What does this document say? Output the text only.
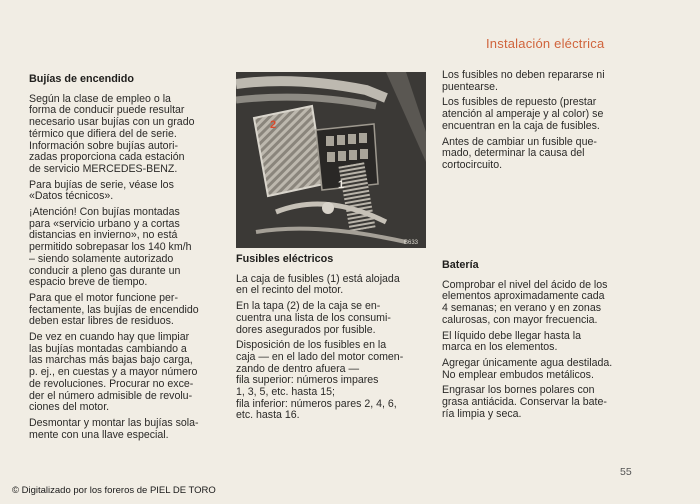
Instalación eléctrica
Bujías de encendido

Según la clase de empleo o la
forma de conducir puede resultar
necesario usar bujías con un grado
térmico que difiera del de serie.
Información sobre bujías autori-
zadas proporciona cada estación
de servicio MERCEDES-BENZ.

Para bujías de serie, véase los
«Datos técnicos».

¡Atención! Con bujías montadas
para «servicio urbano y a cortas
distancias en invierno», no está
permitido sobrepasar los 140 km/h
– siendo solamente autorizado
conducir a pleno gas durante un
espacio breve de tiempo.

Para que el motor funcione per-
fectamente, las bujías de encendido
deben estar libres de residuos.

De vez en cuando hay que limpiar
las bujías montadas cambiando a
las marchas más bajas bajo carga,
p. ej., en cuestas y a mayor número
de revoluciones. Procurar no exce-
der el número admisible de revolu-
ciones del motor.

Desmontar y montar las bujías sola-
mente con una llave especial.

2
1
B633
Fusibles eléctricos

La caja de fusibles (1) está alojada
en el recinto del motor.

En la tapa (2) de la caja se en-
cuentra una lista de los consumi-
dores asegurados por fusible.

Disposición de los fusibles en la
caja — en el lado del motor comen-
zando de dentro afuera —
fila superior: números impares
1, 3, 5, etc. hasta 15;
fila inferior: números pares 2, 4, 6,
etc. hasta 16.

Los fusibles no deben repararse ni
puentearse.

Los fusibles de repuesto (prestar
atención al amperaje y al color) se
encuentran en la caja de fusibles.

Antes de cambiar un fusible que-
mado, determinar la causa del
cortocircuito.

Batería

Comprobar el nivel del ácido de los
elementos aproximadamente cada
4 semanas; en verano y en zonas
calurosas, con mayor frecuencia.

El líquido debe llegar hasta la
marca en los elementos.

Agregar únicamente agua destilada.
No emplear embudos metálicos.

Engrasar los bornes polares con
grasa antiácida. Conservar la bate-
ría limpia y seca.

55
© Digitalizado por los foreros de PIEL DE TORO
